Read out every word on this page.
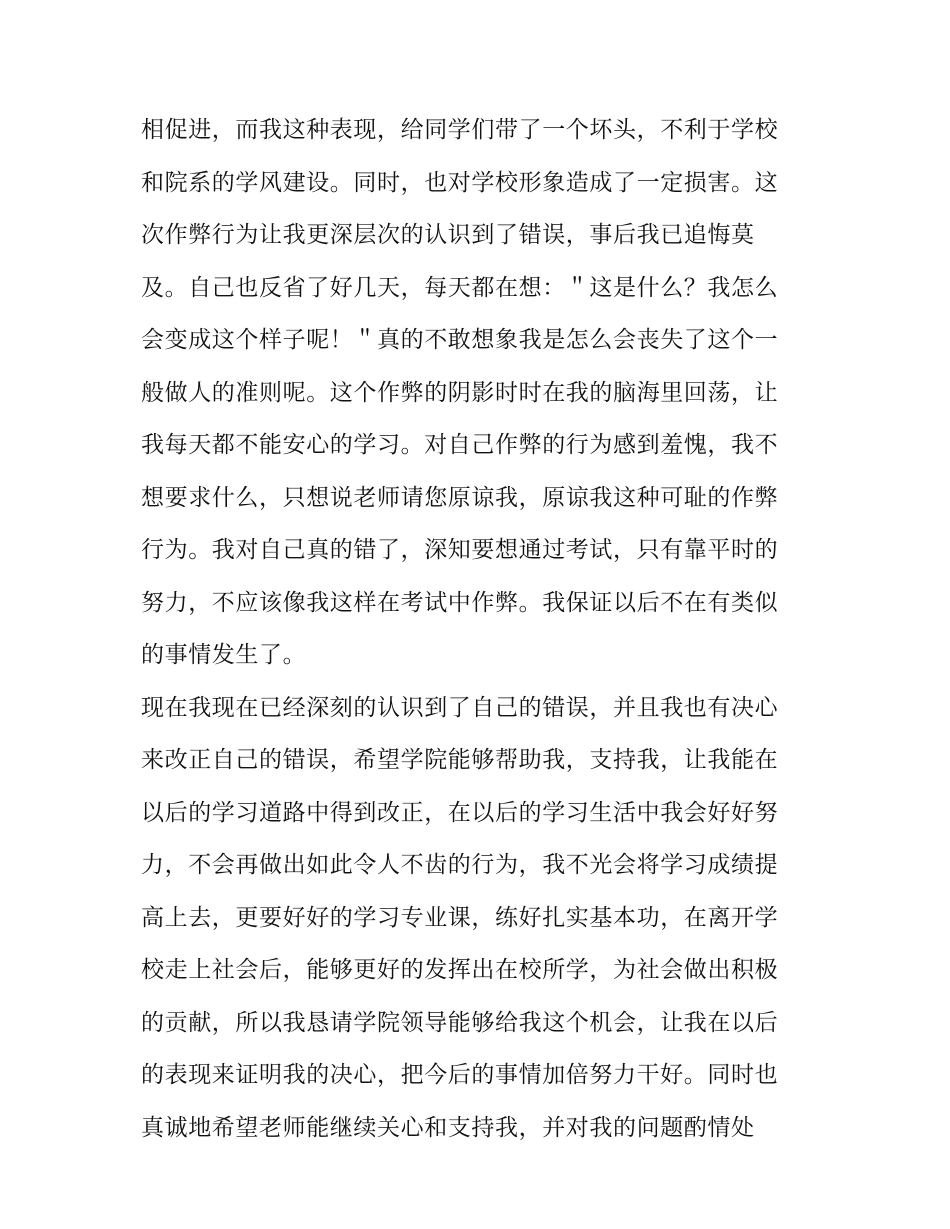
相促进，而我这种表现，给同学们带了一个坏头，不利于学校
和院系的学风建设。同时，也对学校形象造成了一定损害。这
次作弊行为让我更深层次的认识到了错误，事后我已追悔莫
及。自己也反省了好几天，每天都在想：＂这是什么？我怎么
会变成这个样子呢！＂真的不敢想象我是怎么会丧失了这个一
般做人的准则呢。这个作弊的阴影时时在我的脑海里回荡，让
我每天都不能安心的学习。对自己作弊的行为感到羞愧，我不
想要求什么，只想说老师请您原谅我，原谅我这种可耻的作弊
行为。我对自己真的错了，深知要想通过考试，只有靠平时的
努力，不应该像我这样在考试中作弊。我保证以后不在有类似
的事情发生了。
现在我现在已经深刻的认识到了自己的错误，并且我也有决心
来改正自己的错误，希望学院能够帮助我，支持我，让我能在
以后的学习道路中得到改正，在以后的学习生活中我会好好努
力，不会再做出如此令人不齿的行为，我不光会将学习成绩提
高上去，更要好好的学习专业课，练好扎实基本功，在离开学
校走上社会后，能够更好的发挥出在校所学，为社会做出积极
的贡献，所以我恳请学院领导能够给我这个机会，让我在以后
的表现来证明我的决心，把今后的事情加倍努力干好。同时也
真诚地希望老师能继续关心和支持我，并对我的问题酌情处
